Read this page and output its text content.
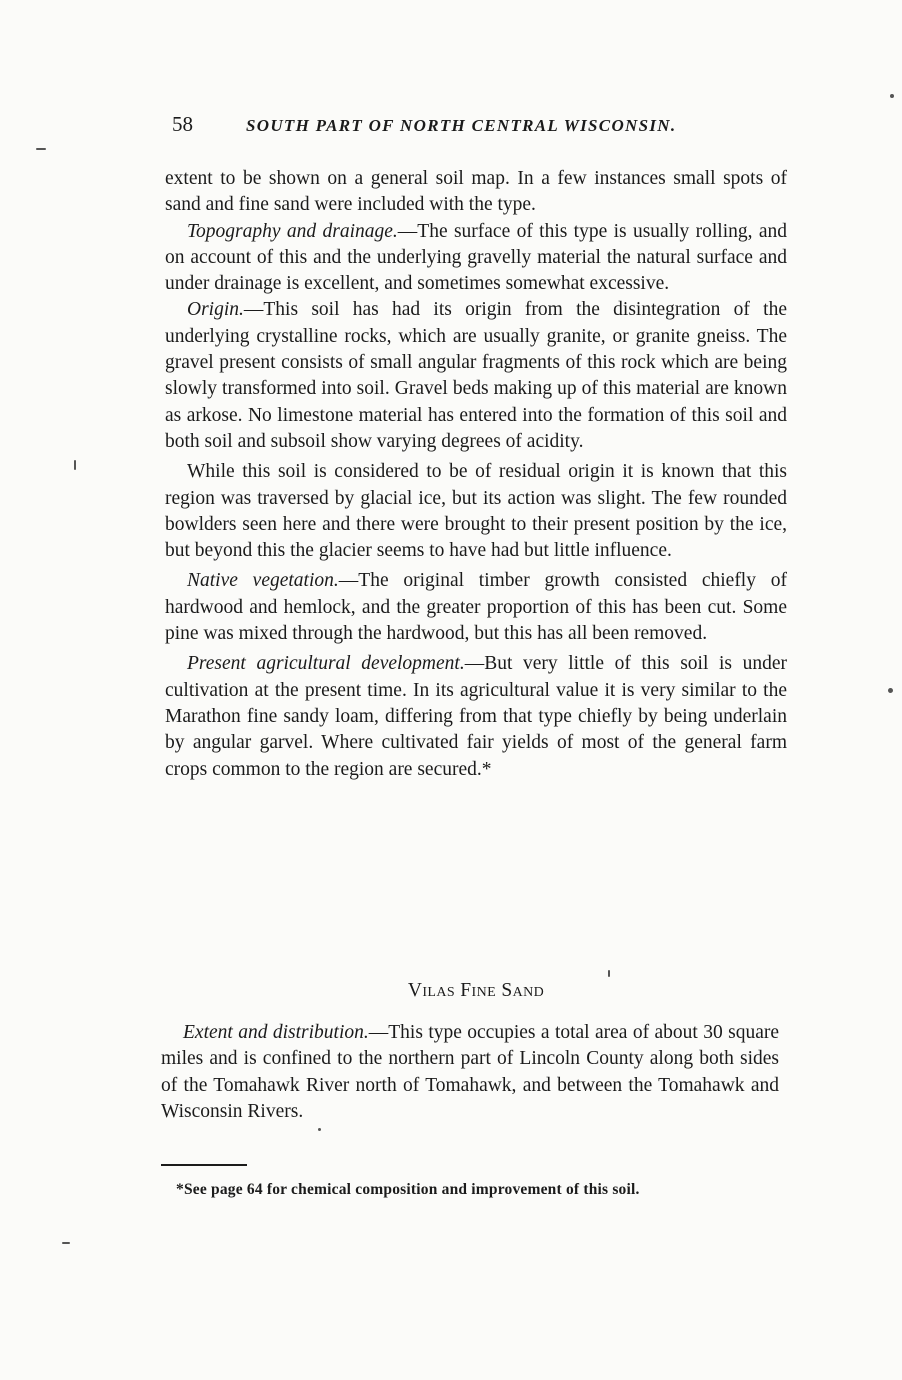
58	SOUTH PART OF NORTH CENTRAL WISCONSIN.

extent to be shown on a general soil map. In a few instances small spots of sand and fine sand were included with the type.

Topography and drainage.—The surface of this type is usually rolling, and on account of this and the underlying gravelly material the natural surface and under drainage is excellent, and sometimes somewhat excessive.

Origin.—This soil has had its origin from the disintegration of the underlying crystalline rocks, which are usually granite, or granite gneiss. The gravel present consists of small angular fragments of this rock which are being slowly transformed into soil. Gravel beds making up of this material are known as arkose. No limestone material has entered into the formation of this soil and both soil and subsoil show varying degrees of acidity.

While this soil is considered to be of residual origin it is known that this region was traversed by glacial ice, but its action was slight. The few rounded bowlders seen here and there were brought to their present position by the ice, but beyond this the glacier seems to have had but little influence.

Native vegetation.—The original timber growth consisted chiefly of hardwood and hemlock, and the greater proportion of this has been cut. Some pine was mixed through the hardwood, but this has all been removed.

Present agricultural development.—But very little of this soil is under cultivation at the present time. In its agricultural value it is very similar to the Marathon fine sandy loam, differing from that type chiefly by being underlain by angular garvel. Where cultivated fair yields of most of the general farm crops common to the region are secured.*

Vilas Fine Sand

Extent and distribution.—This type occupies a total area of about 30 square miles and is confined to the northern part of Lincoln County along both sides of the Tomahawk River north of Tomahawk, and between the Tomahawk and Wisconsin Rivers.

*See page 64 for chemical composition and improvement of this soil.
